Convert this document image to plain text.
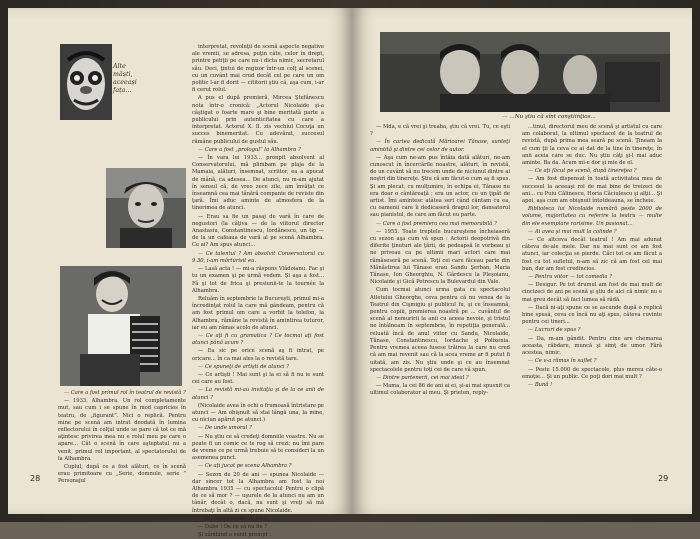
Alte
măști,
aceeași
fața...

— Care a fost primul rol în teatrul de revistă ?

— 1933. Alhambra. Un rol completamente mut, sau cum i se spune în mod capricios în teatru, de „figurant”. Nici o replică. Pentru mine pe scenă am intrat deodată în lumina reflectorului în colţul unde se pare că tot ce mă aţintesc privirea mea nu e rolul meu pe care o apare... Cât o scenă în care aşteptatul nu a venit, primul rol important, al spectatorului de la Alhambra.

Cuplul, după ce a fost alături, ce în scenă erau primitoare cu „Serie, domnule, serie ” Personajul

interpretat, revoluţii de scenă aspecte negative ale vremii, se adresa, puţin câte, celor în drept, printre petiţii pe care nu-i dicta nimic, secretarul său. Deci, ţintui de regizor într-un colţ al scenei, cu un cuvânt mai crud decât cel pe care un om politic l-ar fi dorit — cititorii ştiu că, aşa cum, i-ar fi cerut rolul.

A pus el după premieră, Mircea Ştefănescu nota într-o cronică: „Actorul Nicolaide şi-a câştigat o foarte mare şi bine meritată parte a publicului prin autenticitatea cu care a interpretat. Actorul X. Il. zis vechiul Cocuţa un succes binemeritat. Cu adevărat, succesul rămâne publicului de gustul său.

— Care a fost „prologul” la Alhambra ?

— În vara lui 1933... pronpit absolvent al Conservatorului, mă plimbam pe plaja de la Mamaia, alături, însemnat, scriitor, ea a apucat de mână, ca adesea... De atunci, nu m-am ajutat în sensul că, de vreo zece zile, am învăţat ce înseamnă cea mai tânără companie de reviste din ţară. Îmi aduc aminte de atmosfera de la tinerimea de atunci.

— Erau sa fie un pasaj de vară în care de negustori (la câţiva — de la viitorul director Anastasiu, Constantinescu, Iordănescu, un tip — de la un cafeaua de vară al pe scenă Alhambra. Ce ai? Am spus atunci...

— Ce talentul ? Am absolvit Conservatorul cu 9.30, i-am mărturisit eu.

— Lasă acta ! — mi-a răspuns Vlădoianu. Fac şi tu un examen şi pe urmă vedem. Şi aşa a fost... Fă şi tot de frica şi presiunii-te la tournée la Alhambra.

Reluăm în septembrie la București, primul mi-a încredinţat rolul la care mă gândeam, pentru că am fost primul om care a vorbit la telefon, la Alhambra, rămâne la revistă în amintirea tuturor, iar eu am rămas acolo de atunci.

— Ce aţi fi cu gramatica ? Ce tocmai aţi fost atunci până acum ?

— Ea sic pe orice scenă aş fi intrat, pe oricare... în ca mai ales la o revistă tare.

— Ce spuneţi de artişti de atunci ?

— Ce artişti ! Mai sunt şi la ei să fi nu ie sunt cei care au fost.

— La revistă mi-au invitaţia şi de la ce anii de atunci ?

(Nicolaide avea în ochi o frumoasă întristare pe atunci — Am obişnuit să stai lângă una, la mine, cu niciun apărut pe atunci.)

— De unde umorul ?

— Nu ştiu ce să credeţi domniile voastre. Nu se poate fi un comic ce te rog să crezi; nu îmi pare de vreme ce pe urmă trebuie să te consideri la un asemenea punct.

— Ce aţi jucat pe scena Alhambra ?

— Sezon de 20 de ani — spunea Nicolaide — dar sincer tot la Alhambra am fost la noi Alhambra 1935 — cu spectacolul Pentru o clipă de ce să mor ? — uşurele de la atunci nu am un tânăr, decât o, dacă, nu sunt şi vreţi să mă întrebaţi în altă zi ce spune Nicolaide.

— Ei, cum e feţica, ai tre ?

— Dabe ! De ce să nu fie ?

Şi zâmbind a venit prompt :

28
— ...Nu ştiu că sînt conştiinţios...

— Mda, e că vrei şi treaba, ştiu că vrei. Tu, ce eşti ?

— În cartea dedicată Mărioarei Tănase, sunteţi amintită şi dintre cei celor de autor.

— Aşa cum ne-am pus întâia dată alături, ne-am cunoscut în încercările noastre, alături, în revistă, de un cuvânt să nu trecem unde de niciunul dintre ai noştri din tinereţe. Ştiu că am făcut-o cum aş fi spus. Şi am plecat, cu mulţumire, în echipa ei, Tănase nu era doar o cântăreaţă ; era un actor, cu un ţipăt de artist. Îmi amintesc atâtea seri când cântam cu ea, cu oamenii care îi dedicaseră dragul lor, dansatorul sau pianistul, de care am făcut eu parte.

— Care a fost premiera cea mai memorabilă ?

— 1955. Toate treptele bucureştene încheiaseră cu sezon aşa cum vă spun : Actorii deopotrivă din diferite ţinuturi ale ţării, de pedeapsă le vorbeau şi ne priveau ca pe ultimii mari actori care mai rămăseseră pe scenă. Toţi cei care făceau parte din Mănăstirea lui Tănase erau Sandu Şerban, Maria Tănase, Ion Gheorghiu, N. Gârdescu la Pleşoianu, Nicolaide şi Gică Petrescu la Bulevardul din Vale.

Cum tocmai atunci urma gata cu spectacolul Atletului Gheorghe, ceva pentru că nu venea de la Teatrul din Cişmigiu şi publicul fu, şi ce înseamnă, pentru copiii, premierea noastră pe ... cuvântul de scenă al nemuririi la anii cu aceea nevoie, şi tristul ne întâlneam în septembrie, în repetiţia generală... reluată încă de anul viitor cu Sandu, Nicolaide, Tănase, Constantinescu, Iordache şi Polixenia. Pentru vremea aceea fusese trăirea la care nu cred că am mai revenit sau că la acea vreme ar fi putut fi uitată, am zis. Nu ştiu unde şi ce au însemnat spectacolele pentru toţi cei de care vă spun.

— Dintre partenerii, cei mai ideal ?

— Mama, la cei 86 de ani ai ei, şi-ai mai spusnit ca ultimul colaborator al meu. Şi prieten, reply-

...tinul, directorul meu de scenă şi artistul cu care am colaborat, la ultimul spectacol de la teatrul de revistă, după prima mea seară pe scenă. Ţineam la el cum ţii la ceva ce ai dat de la tine în tinereţe, în anii aceia care se duc. Nu ştiu câţi şi-l mai aduc aminte. Ba da. Acum mi-e dor şi mie de el.

— Ce aţi făcut pe scenă, după tinereţea ?

— Am fost dispensat în toată activitatea mea de succesul la aceeaşi rol de mai bine de treizeci de ani... cu Puiu Călinescu, Horia Căciulescu şi alţii... Şi apoi, aşa cum am obişnuit întotdeauna, se încheie.

Biblioteca lui Nicolaide numără peste 2000 de volume, majoritatea cu referire la teatru — multe din ele exemplare rarisime. Un pasionat...

— Ai avea şi mai mult la colinde ?

— Ce altceva decât teatrul ! Am mai adunat câteva de-ale mele. Dar nu mai sunt ce am fost atunci, iar colecţia se pierde. Căci tot ce am făcut a fost cu tot sufletul, n-am să zic că am fost cel mai bun, dar am fost credincios.

— Pentru viitor — tot comedia ?

— Desigur. Pe tot drumul am fost de mai mult de cincizeci de ani pe scenă şi ştiu de aici că nimic nu e mai greu decât să faci lumea să râdă.

— Dacă ni-aţi spune ce se ascunde după o replică bine spusă, ceva ce încă nu aţi spus, câteva cuvinte pentru cei tineri...

— Lucruri de spus ?

— Da, m-am gândit. Pentru cine are chemarea aceasta, răbdare, muncă şi simţ de umor. Fără acestea, nimic.

— Ce v-a rămas în suflet ?

— Peste 15.000 de spectacole, plus mereu câte-o emoţie... Şi un public. Ce poţi dori mai mult ?

— Bună !

29
